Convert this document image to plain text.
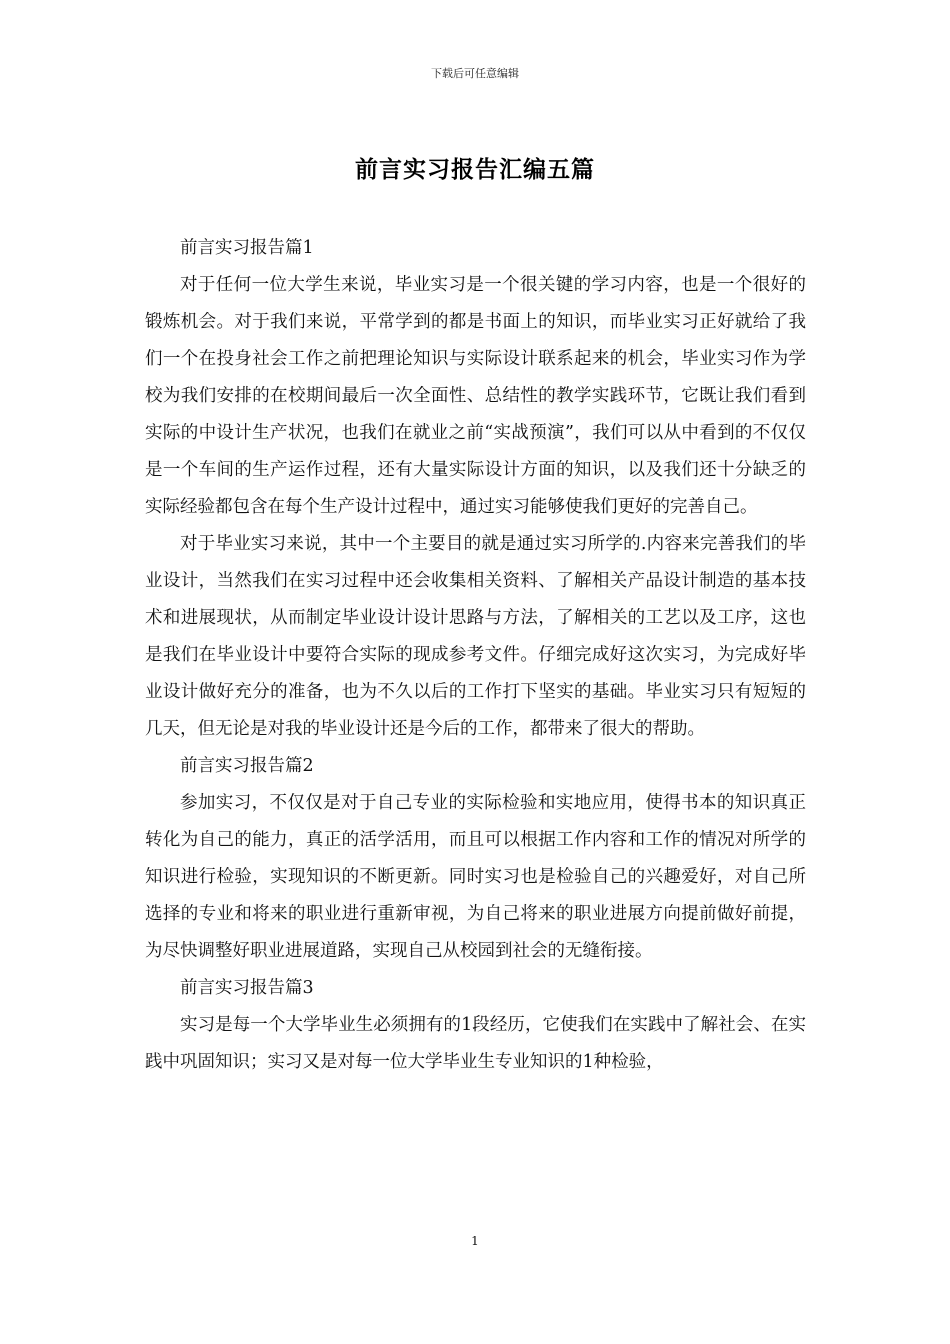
下载后可任意编辑
前言实习报告汇编五篇

前言实习报告篇1

对于任何一位大学生来说，毕业实习是一个很关键的学习内容，也是一个很好的锻炼机会。对于我们来说，平常学到的都是书面上的知识，而毕业实习正好就给了我们一个在投身社会工作之前把理论知识与实际设计联系起来的机会，毕业实习作为学校为我们安排的在校期间最后一次全面性、总结性的教学实践环节，它既让我们看到实际的中设计生产状况，也我们在就业之前“实战预演”，我们可以从中看到的不仅仅是一个车间的生产运作过程，还有大量实际设计方面的知识，以及我们还十分缺乏的实际经验都包含在每个生产设计过程中，通过实习能够使我们更好的完善自己。

对于毕业实习来说，其中一个主要目的就是通过实习所学的.内容来完善我们的毕业设计，当然我们在实习过程中还会收集相关资料、了解相关产品设计制造的基本技术和进展现状，从而制定毕业设计设计思路与方法，了解相关的工艺以及工序，这也是我们在毕业设计中要符合实际的现成参考文件。仔细完成好这次实习，为完成好毕业设计做好充分的准备，也为不久以后的工作打下坚实的基础。毕业实习只有短短的几天，但无论是对我的毕业设计还是今后的工作，都带来了很大的帮助。

前言实习报告篇2

参加实习，不仅仅是对于自己专业的实际检验和实地应用，使得书本的知识真正转化为自己的能力，真正的活学活用，而且可以根据工作内容和工作的情况对所学的知识进行检验，实现知识的不断更新。同时实习也是检验自己的兴趣爱好，对自己所选择的专业和将来的职业进行重新审视，为自己将来的职业进展方向提前做好前提，为尽快调整好职业进展道路，实现自己从校园到社会的无缝衔接。

前言实习报告篇3

实习是每一个大学毕业生必须拥有的1段经历，它使我们在实践中了解社会、在实践中巩固知识；实习又是对每一位大学毕业生专业知识的1种检验，

1
